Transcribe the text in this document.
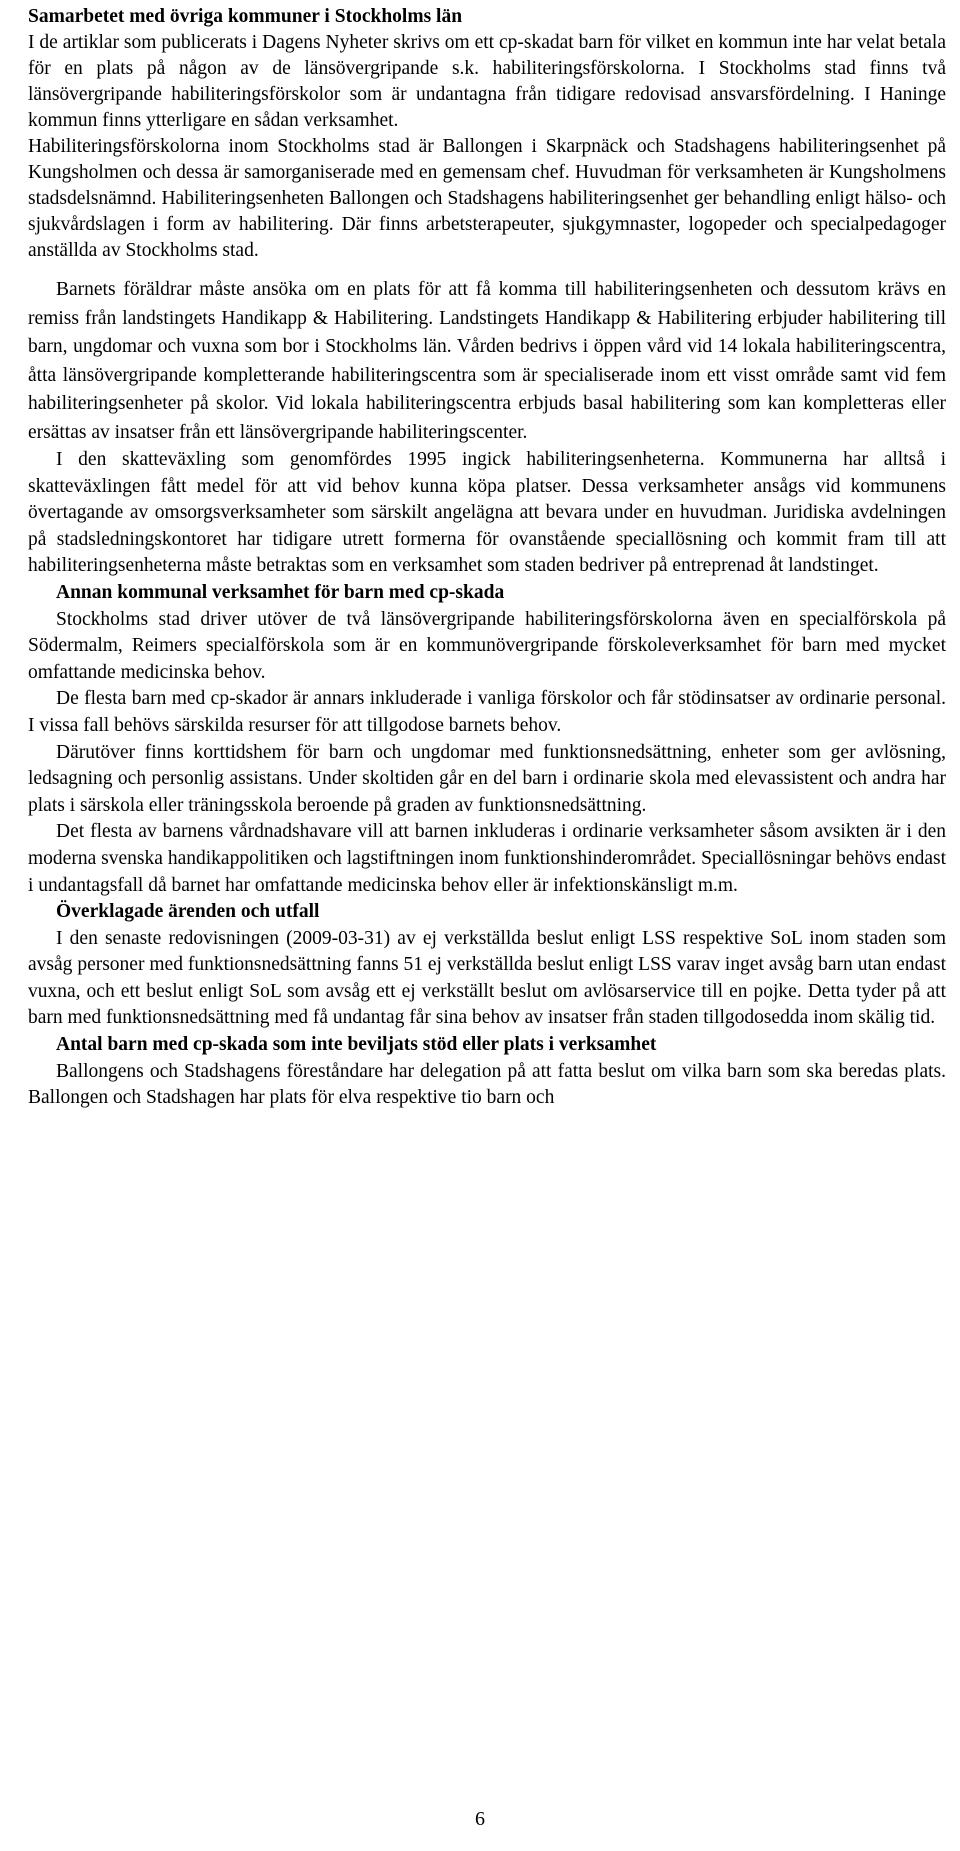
Samarbetet med övriga kommuner i Stockholms län

I de artiklar som publicerats i Dagens Nyheter skrivs om ett cp-skadat barn för vilket en kommun inte har velat betala för en plats på någon av de länsövergripande s.k. habiliteringsförskolorna. I Stockholms stad finns två länsövergripande habiliteringsförskolor som är undantagna från tidigare redovisad ansvarsfördelning. I Haninge kommun finns ytterligare en sådan verksamhet.

Habiliteringsförskolorna inom Stockholms stad är Ballongen i Skarpnäck och Stadshagens habiliteringsenhet på Kungsholmen och dessa är samorganiserade med en gemensam chef. Huvudman för verksamheten är Kungsholmens stadsdelsnämnd. Habiliteringsenheten Ballongen och Stadshagens habiliteringsenhet ger behandling enligt hälso- och sjukvårdslagen i form av habilitering. Där finns arbetsterapeuter, sjukgymnaster, logopeder och specialpedagoger anställda av Stockholms stad.

Barnets föräldrar måste ansöka om en plats för att få komma till habiliteringsenheten och dessutom krävs en remiss från landstingets Handikapp & Habilitering. Landstingets Handikapp & Habilitering erbjuder habilitering till barn, ungdomar och vuxna som bor i Stockholms län. Vården bedrivs i öppen vård vid 14 lokala habiliteringscentra, åtta länsövergripande kompletterande habiliteringscentra som är specialiserade inom ett visst område samt vid fem habiliteringsenheter på skolor. Vid lokala habiliteringscentra erbjuds basal habilitering som kan kompletteras eller ersättas av insatser från ett länsövergripande habiliteringscenter.

I den skatteväxling som genomfördes 1995 ingick habiliteringsenheterna. Kommunerna har alltså i skatteväxlingen fått medel för att vid behov kunna köpa platser. Dessa verksamheter ansågs vid kommunens övertagande av omsorgsverksamheter som särskilt angelägna att bevara under en huvudman. Juridiska avdelningen på stadsledningskontoret har tidigare utrett formerna för ovanstående speciallösning och kommit fram till att habiliteringsenheterna måste betraktas som en verksamhet som staden bedriver på entreprenad åt landstinget.

Annan kommunal verksamhet för barn med cp-skada

Stockholms stad driver utöver de två länsövergripande habiliteringsförskolorna även en specialförskola på Södermalm, Reimers specialförskola som är en kommunövergripande förskoleverksamhet för barn med mycket omfattande medicinska behov.

De flesta barn med cp-skador är annars inkluderade i vanliga förskolor och får stödinsatser av ordinarie personal. I vissa fall behövs särskilda resurser för att tillgodose barnets behov.

Därutöver finns korttidshem för barn och ungdomar med funktionsnedsättning, enheter som ger avlösning, ledsagning och personlig assistans. Under skoltiden går en del barn i ordinarie skola med elevassistent och andra har plats i särskola eller träningsskola beroende på graden av funktionsnedsättning.

Det flesta av barnens vårdnadshavare vill att barnen inkluderas i ordinarie verksamheter såsom avsikten är i den moderna svenska handikappolitiken och lagstiftningen inom funktionshinderområdet. Speciallösningar behövs endast i undantagsfall då barnet har omfattande medicinska behov eller är infektionskänsligt m.m.

Överklagade ärenden och utfall

I den senaste redovisningen (2009-03-31) av ej verkställda beslut enligt LSS respektive SoL inom staden som avsåg personer med funktionsnedsättning fanns 51 ej verkställda beslut enligt LSS varav inget avsåg barn utan endast vuxna, och ett beslut enligt SoL som avsåg ett ej verkställt beslut om avlösarservice till en pojke. Detta tyder på att barn med funktionsnedsättning med få undantag får sina behov av insatser från staden tillgodosedda inom skälig tid.

Antal barn med cp-skada som inte beviljats stöd eller plats i verksamhet

Ballongens och Stadshagens föreståndare har delegation på att fatta beslut om vilka barn som ska beredas plats. Ballongen och Stadshagen har plats för elva respektive tio barn och

6
